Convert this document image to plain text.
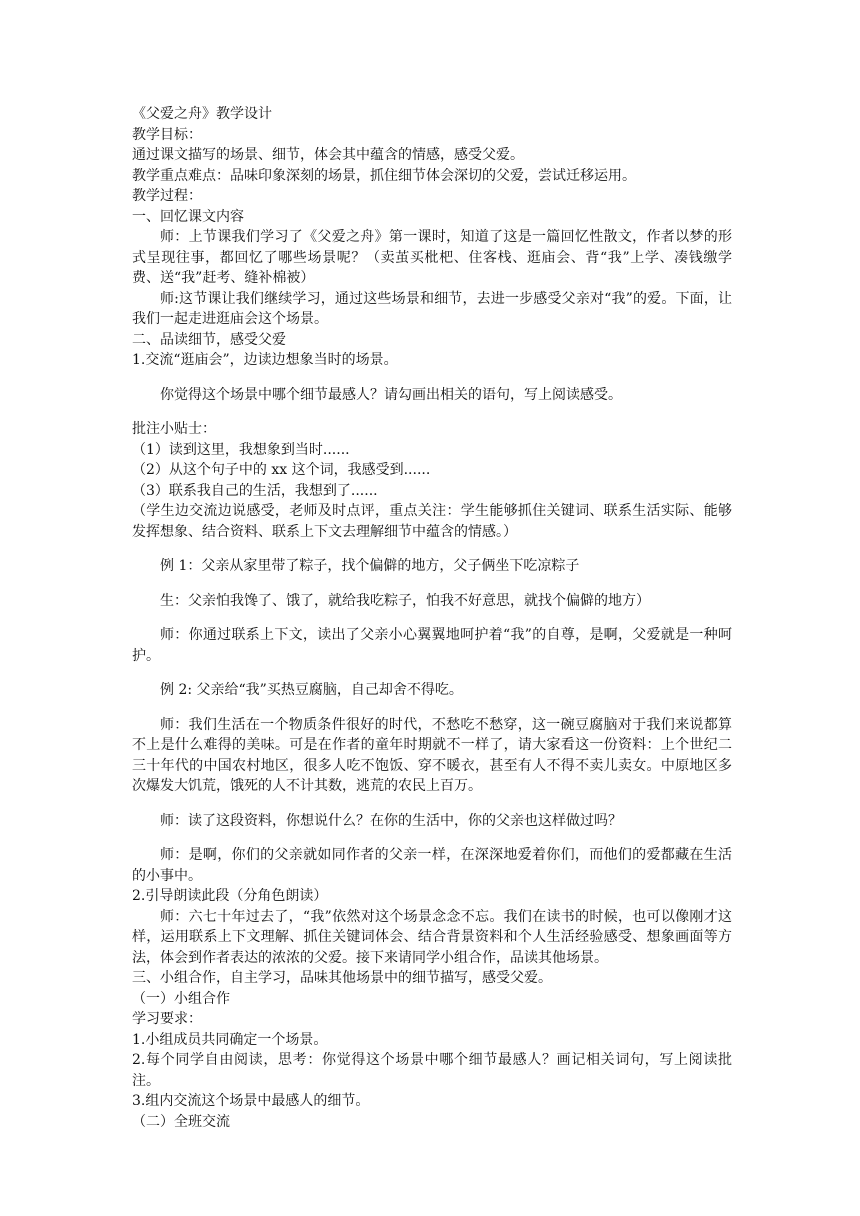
《父爱之舟》教学设计

教学目标：

通过课文描写的场景、细节，体会其中蕴含的情感，感受父爱。

教学重点难点：品味印象深刻的场景，抓住细节体会深切的父爱，尝试迁移运用。

教学过程：

一、回忆课文内容

师：上节课我们学习了《父爱之舟》第一课时，知道了这是一篇回忆性散文，作者以梦的形式呈现往事，都回忆了哪些场景呢？（卖茧买枇杷、住客栈、逛庙会、背“我”上学、凑钱缴学费、送“我”赶考、缝补棉被）

师:这节课让我们继续学习，通过这些场景和细节，去进一步感受父亲对“我”的爱。下面，让我们一起走进逛庙会这个场景。

二、品读细节，感受父爱

1.交流“逛庙会”，边读边想象当时的场景。

你觉得这个场景中哪个细节最感人？请勾画出相关的语句，写上阅读感受。

批注小贴士：

（1）读到这里，我想象到当时......

（2）从这个句子中的 xx 这个词，我感受到......

（3）联系我自己的生活，我想到了......

（学生边交流边说感受，老师及时点评，重点关注：学生能够抓住关键词、联系生活实际、能够发挥想象、结合资料、联系上下文去理解细节中蕴含的情感。）

例 1：父亲从家里带了粽子，找个偏僻的地方，父子俩坐下吃凉粽子

生：父亲怕我馋了、饿了，就给我吃粽子，怕我不好意思，就找个偏僻的地方）

师：你通过联系上下文，读出了父亲小心翼翼地呵护着“我”的自尊，是啊，父爱就是一种呵护。

例 2: 父亲给“我”买热豆腐脑，自己却舍不得吃。

师：我们生活在一个物质条件很好的时代，不愁吃不愁穿，这一碗豆腐脑对于我们来说都算　不上是什么难得的美味。可是在作者的童年时期就不一样了，请大家看这一份资料：上个世纪二三十年代的中国农村地区，很多人吃不饱饭、穿不暖衣，甚至有人不得不卖儿卖女。中原地区多次爆发大饥荒，饿死的人不计其数，逃荒的农民上百万。

师：读了这段资料，你想说什么？在你的生活中，你的父亲也这样做过吗？

师：是啊，你们的父亲就如同作者的父亲一样，在深深地爱着你们，而他们的爱都藏在生活的小事中。

2.引导朗读此段（分角色朗读）

师：六七十年过去了，“我”依然对这个场景念念不忘。我们在读书的时候，也可以像刚才这样，运用联系上下文理解、抓住关键词体会、结合背景资料和个人生活经验感受、想象画面等方法，体会到作者表达的浓浓的父爱。接下来请同学小组合作，品读其他场景。

三、小组合作，自主学习，品味其他场景中的细节描写，感受父爱。

（一）小组合作

学习要求：

1.小组成员共同确定一个场景。

2.每个同学自由阅读，思考：你觉得这个场景中哪个细节最感人？画记相关词句，写上阅读批注。

3.组内交流这个场景中最感人的细节。

（二）全班交流
